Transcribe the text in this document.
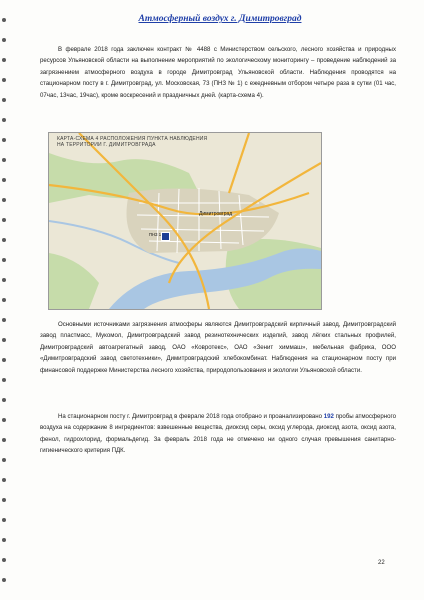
Атмосферный воздух г. Димитровград

В феврале 2018 года заключен контракт № 4488 с Министерством сельского, лесного хозяйства и природных ресурсов Ульяновской области на выполнение мероприятий по экологическому мониторингу – проведение наблюдений за загрязнением атмосферного воздуха в городе Димитровград Ульяновской области. Наблюдения проводятся на стационарном посту в г. Димитровград, ул. Московская, 73 (ПНЗ № 1) с ежедневным отбором четыре раза в сутки (01 час, 07час, 13час, 19час), кроме воскресений и праздничных дней. (карта-схема 4).

КАРТА-СХЕМА 4 РАСПОЛОЖЕНИЯ ПУНКТА НАБЛЮДЕНИЯ
НА ТЕРРИТОРИИ Г. ДИМИТРОВГРАДА
Димитровград
ПНЗ 1

Основными источниками загрязнения атмосферы являются Димитровградский кирпичный завод, Димитровградский завод пластмасс, Мукомол, Димитровградский завод резинотехнических изделий, завод лёгких стальных профилей, Димитровградский автоагрегатный завод, ОАО «Ковротекс», ОАО «Зенит химмаш», мебельная фабрика, ООО «Димитровградский завод светотехники», Димитровградский хлебокомбинат. Наблюдения на стационарном посту при финансовой поддержке Министерства лесного хозяйства, природопользования и экологии Ульяновской области.

На стационарном посту г. Димитровград в феврале 2018 года отобрано и проанализировано 192 пробы атмосферного воздуха на содержание 8 ингредиентов: взвешенные вещества, диоксид серы, оксид углерода, диоксид азота, оксид азота, фенол, гидрохлорид, формальдегид. За февраль 2018 года не отмечено ни одного случая превышения санитарно-гигиенического критерия ПДК.

22
